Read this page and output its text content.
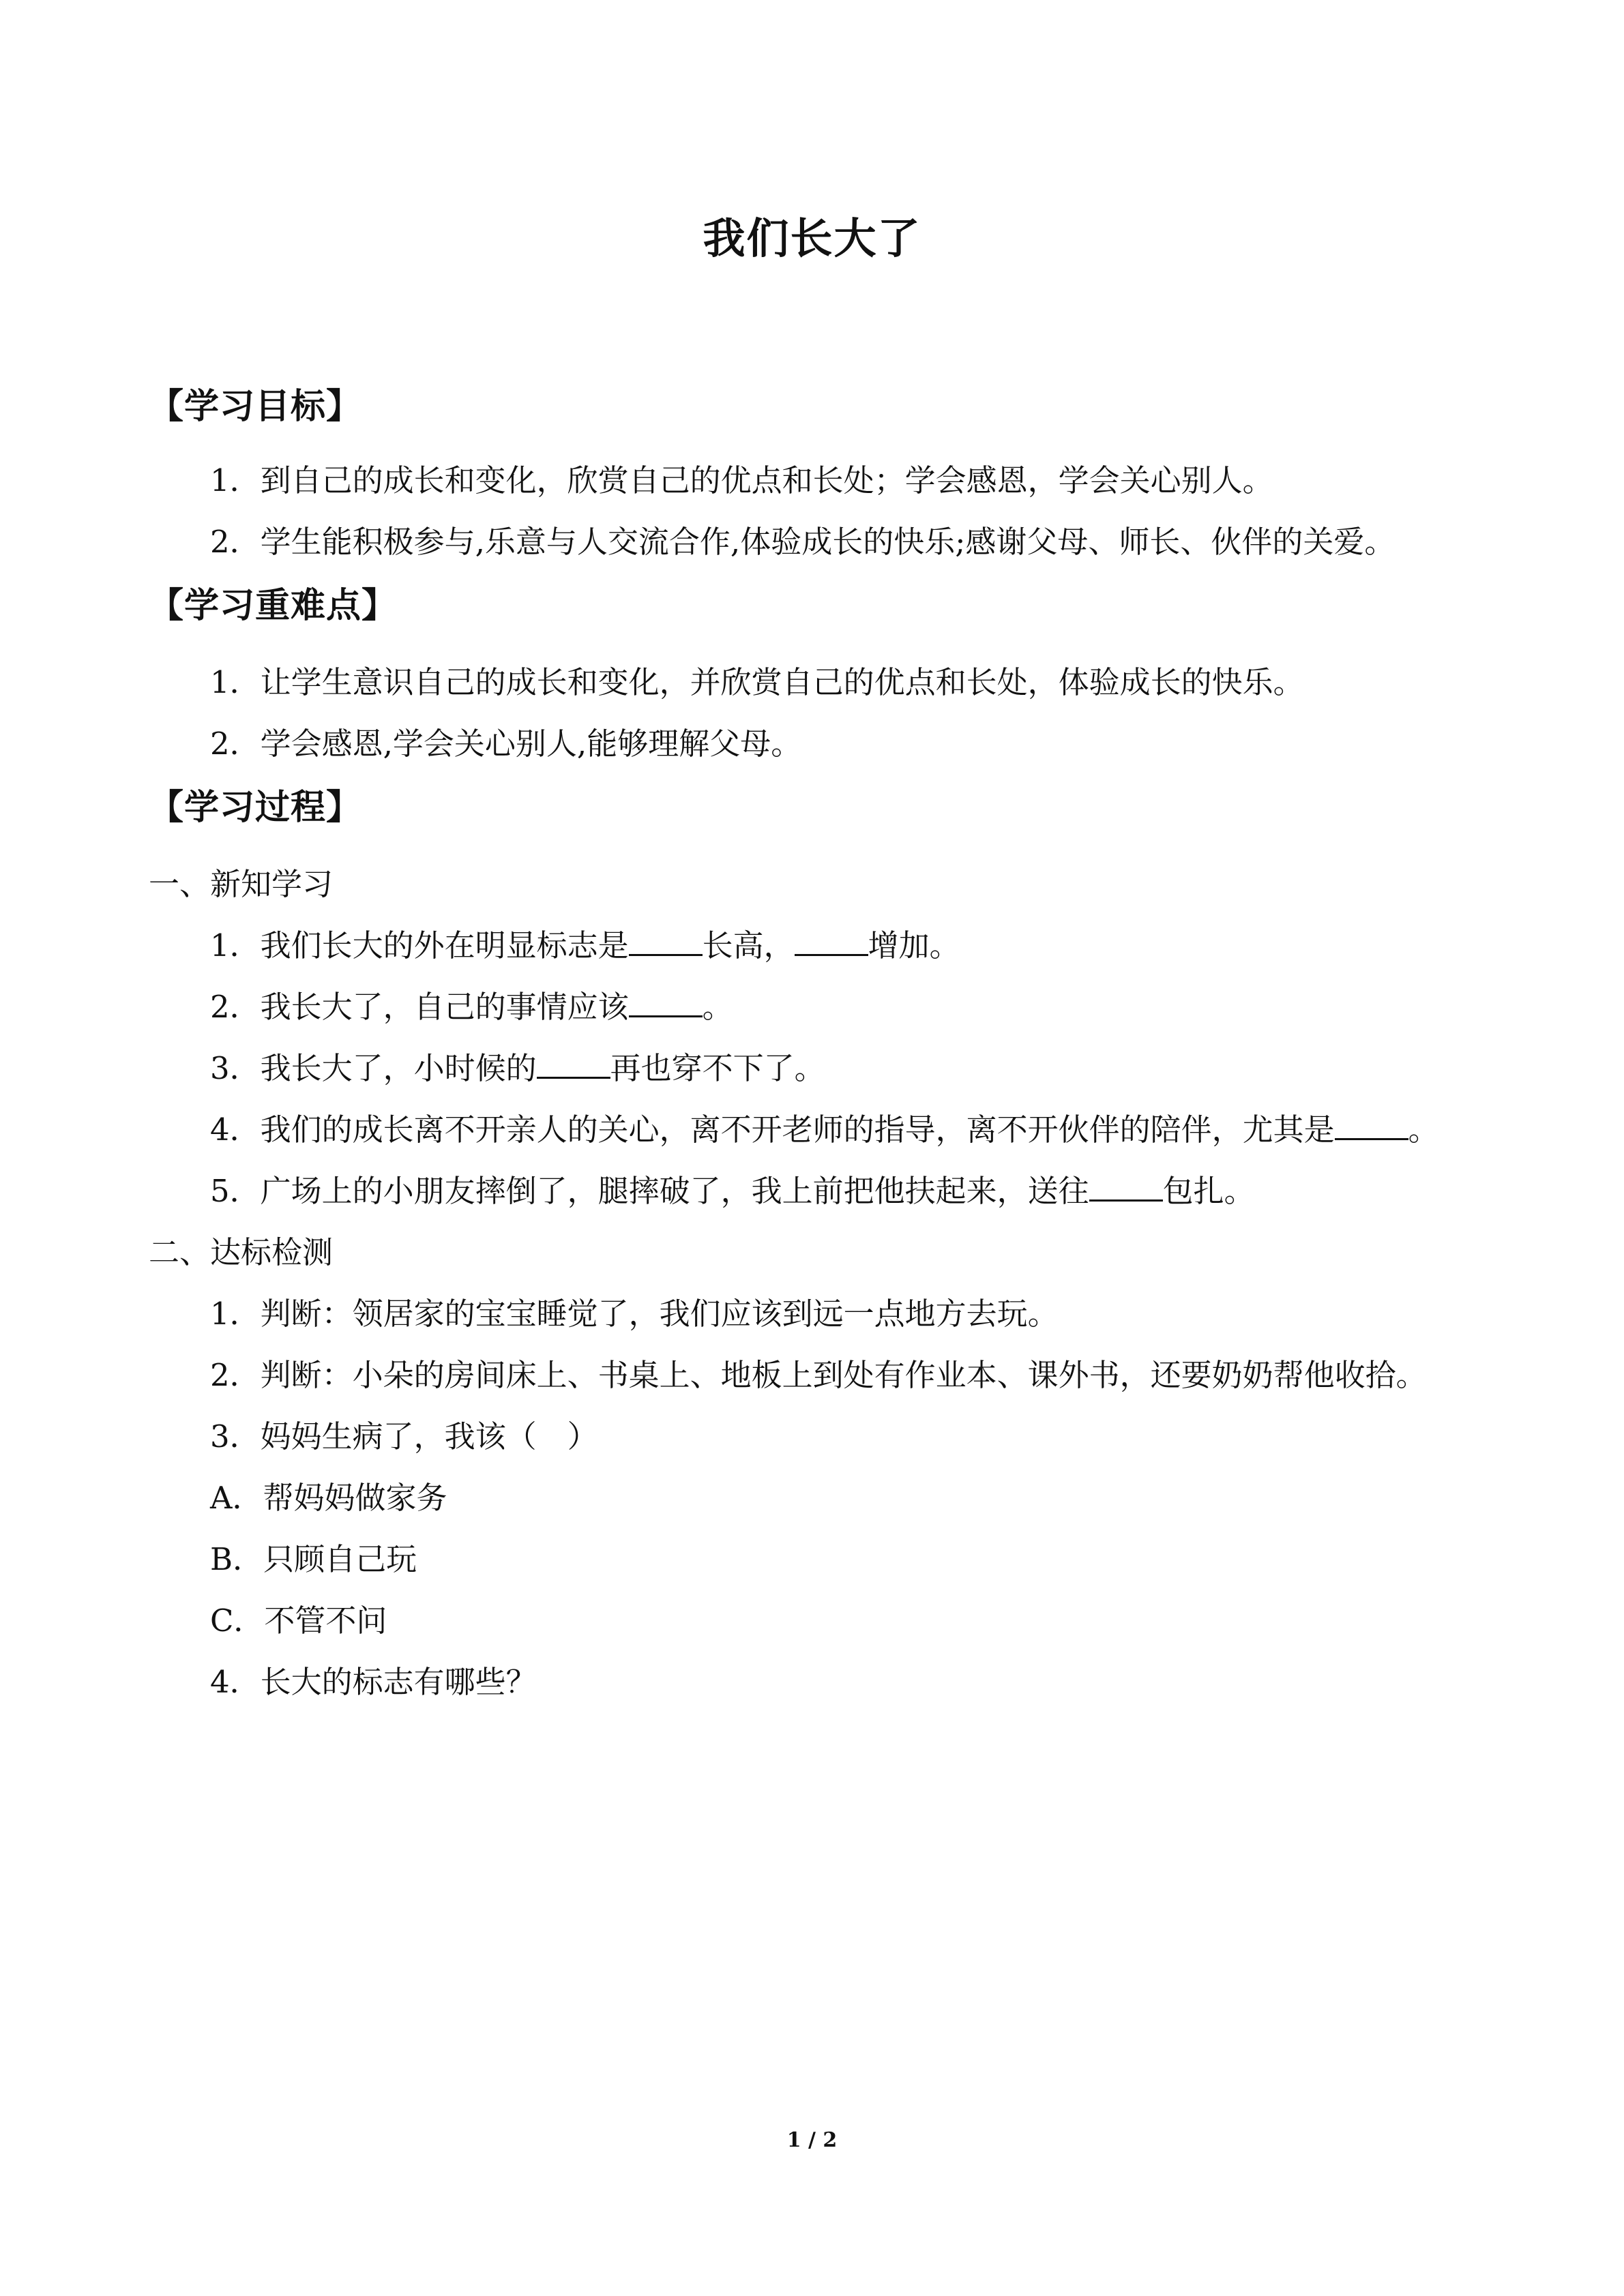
我们长大了

【学习目标】

1．到自己的成长和变化，欣赏自己的优点和长处；学会感恩，学会关心别人。

2．学生能积极参与,乐意与人交流合作,体验成长的快乐;感谢父母、师长、伙伴的关爱。

【学习重难点】

1．让学生意识自己的成长和变化，并欣赏自己的优点和长处，体验成长的快乐。

2．学会感恩,学会关心别人,能够理解父母。

【学习过程】

一、新知学习

1．我们长大的外在明显标志是 长高， 增加。

2．我长大了，自己的事情应该 。

3．我长大了，小时候的 再也穿不下了。

4．我们的成长离不开亲人的关心，离不开老师的指导，离不开伙伴的陪伴，尤其是 。

5．广场上的小朋友摔倒了，腿摔破了，我上前把他扶起来，送往 包扎。

二、达标检测

1．判断：领居家的宝宝睡觉了，我们应该到远一点地方去玩。

2．判断：小朵的房间床上、书桌上、地板上到处有作业本、课外书，还要奶奶帮他收拾。

3．妈妈生病了，我该（　）

A．帮妈妈做家务

B．只顾自己玩

C．不管不问

4．长大的标志有哪些？

1 / 2
